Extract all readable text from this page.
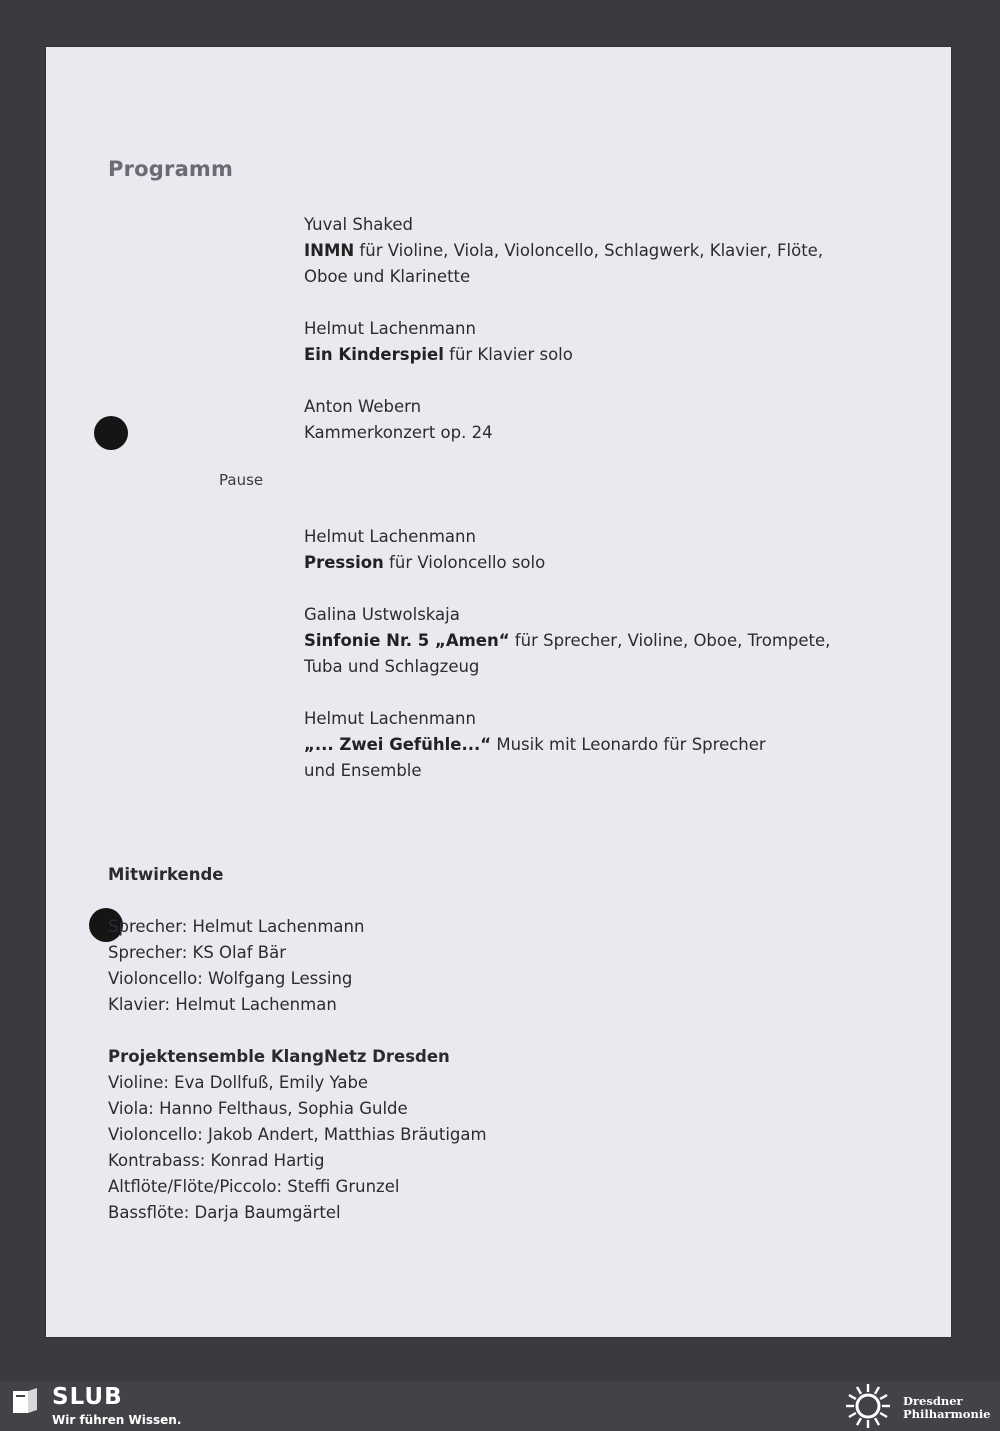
Programm
Yuval Shaked
INMN für Violine, Viola, Violoncello, Schlagwerk, Klavier, Flöte,
Oboe und Klarinette
Helmut Lachenmann
Ein Kinderspiel für Klavier solo
Anton Webern
Kammerkonzert op. 24
Helmut Lachenmann
Pression für Violoncello solo
Galina Ustwolskaja
Sinfonie Nr. 5 „Amen“ für Sprecher, Violine, Oboe, Trompete,
Tuba und Schlagzeug
Helmut Lachenmann
„... Zwei Gefühle...“ Musik mit Leonardo für Sprecher
und Ensemble
Pause
Mitwirkende
Sprecher: Helmut Lachenmann
Sprecher: KS Olaf Bär
Violoncello: Wolfgang Lessing
Klavier: Helmut Lachenman
Projektensemble KlangNetz Dresden
Violine: Eva Dollfuß, Emily Yabe
Viola: Hanno Felthaus, Sophia Gulde
Violoncello: Jakob Andert, Matthias Bräutigam
Kontrabass: Konrad Hartig
Altflöte/Flöte/Piccolo: Steffi Grunzel
Bassflöte: Darja Baumgärtel
SLUB
Wir führen Wissen.
Dresdner
Philharmonie
